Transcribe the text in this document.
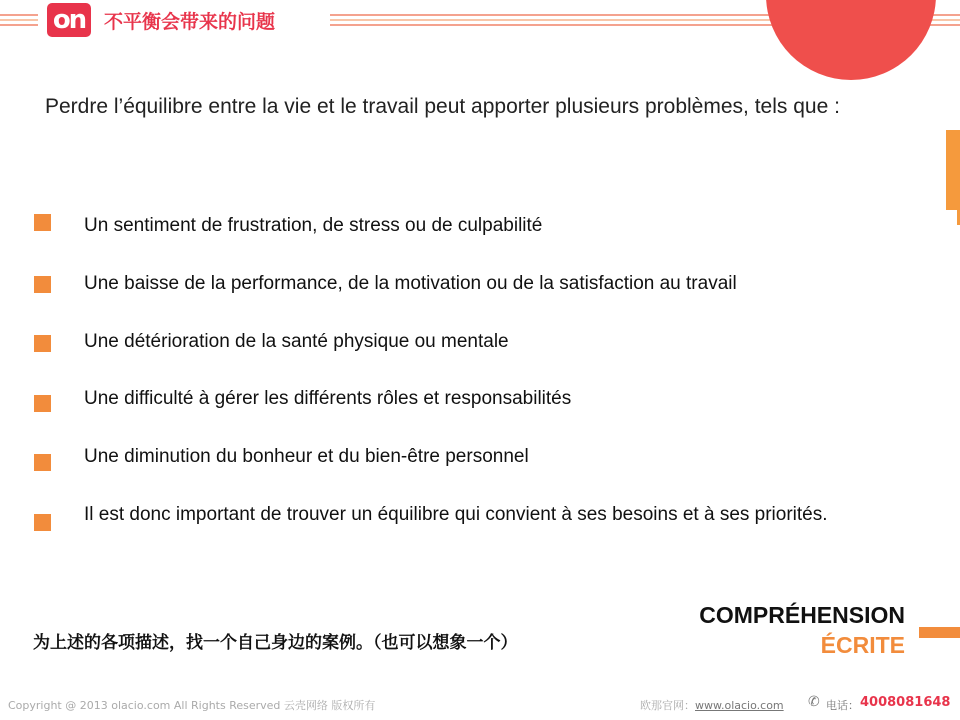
on 不平衡会带来的问题
Perdre l’équilibre entre la vie et le travail peut apporter plusieurs problèmes, tels que :
Un sentiment de frustration, de stress ou de culpabilité
Une baisse de la performance, de la motivation ou de la satisfaction au travail
Une détérioration de la santé physique ou mentale
Une difficulté à gérer les différents rôles et responsabilités
Une diminution du bonheur et du bien-être personnel
Il est donc important de trouver un équilibre qui convient à ses besoins et à ses priorités.
为上述的各项描述，找一个自己身边的案例。（也可以想象一个）
COMPRÉHENSION
ÉCRITE
Copyright @ 2013 olacio.com All Rights Reserved 云壳网络 版权所有	欧那官网：www.olacio.com ✆ 电话： 4008081648
